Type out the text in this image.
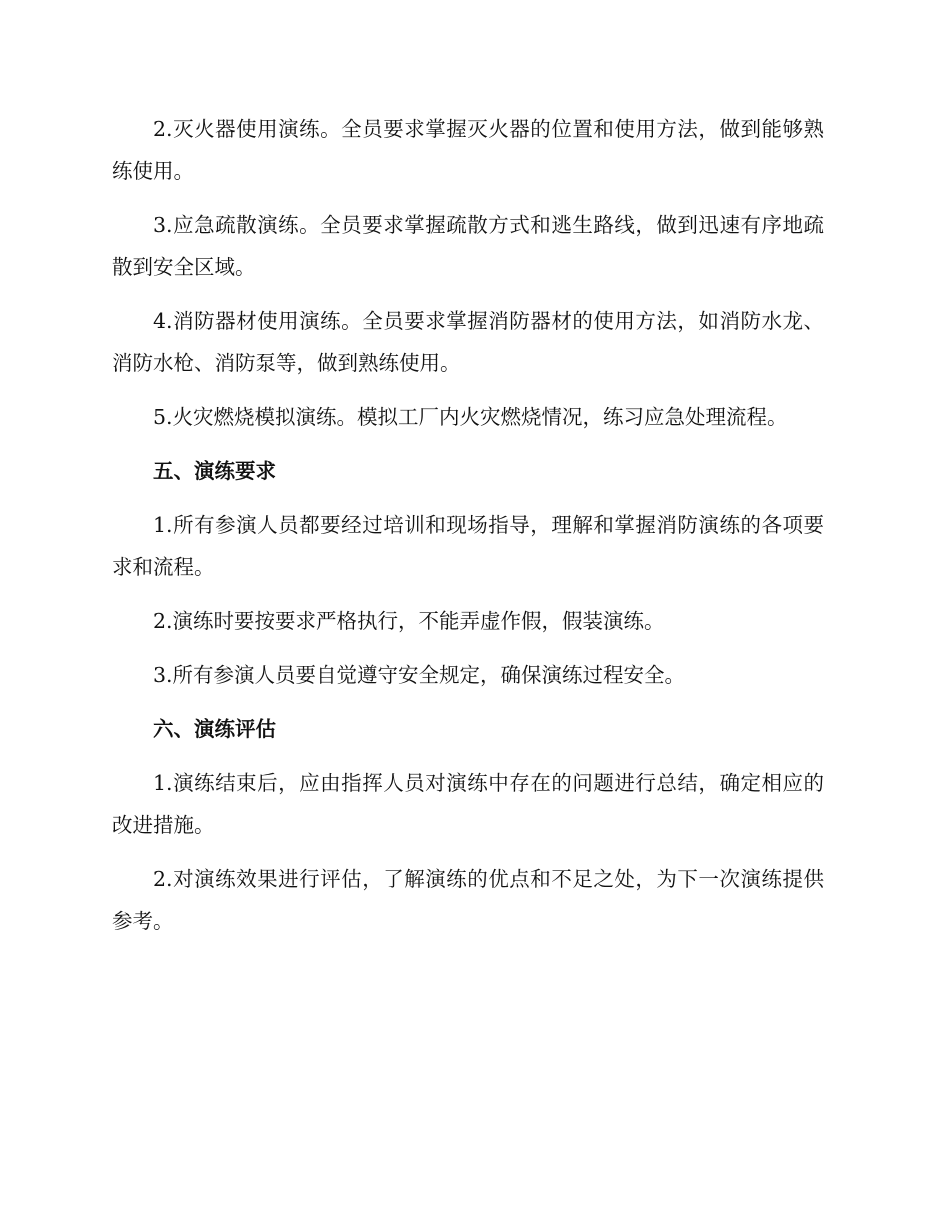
2.灭火器使用演练。全员要求掌握灭火器的位置和使用方法，做到能够熟练使用。

3.应急疏散演练。全员要求掌握疏散方式和逃生路线，做到迅速有序地疏散到安全区域。

4.消防器材使用演练。全员要求掌握消防器材的使用方法，如消防水龙、消防水枪、消防泵等，做到熟练使用。

5.火灾燃烧模拟演练。模拟工厂内火灾燃烧情况，练习应急处理流程。

五、演练要求

1.所有参演人员都要经过培训和现场指导，理解和掌握消防演练的各项要求和流程。

2.演练时要按要求严格执行，不能弄虚作假，假装演练。

3.所有参演人员要自觉遵守安全规定，确保演练过程安全。

六、演练评估

1.演练结束后，应由指挥人员对演练中存在的问题进行总结，确定相应的改进措施。

2.对演练效果进行评估，了解演练的优点和不足之处，为下一次演练提供参考。
